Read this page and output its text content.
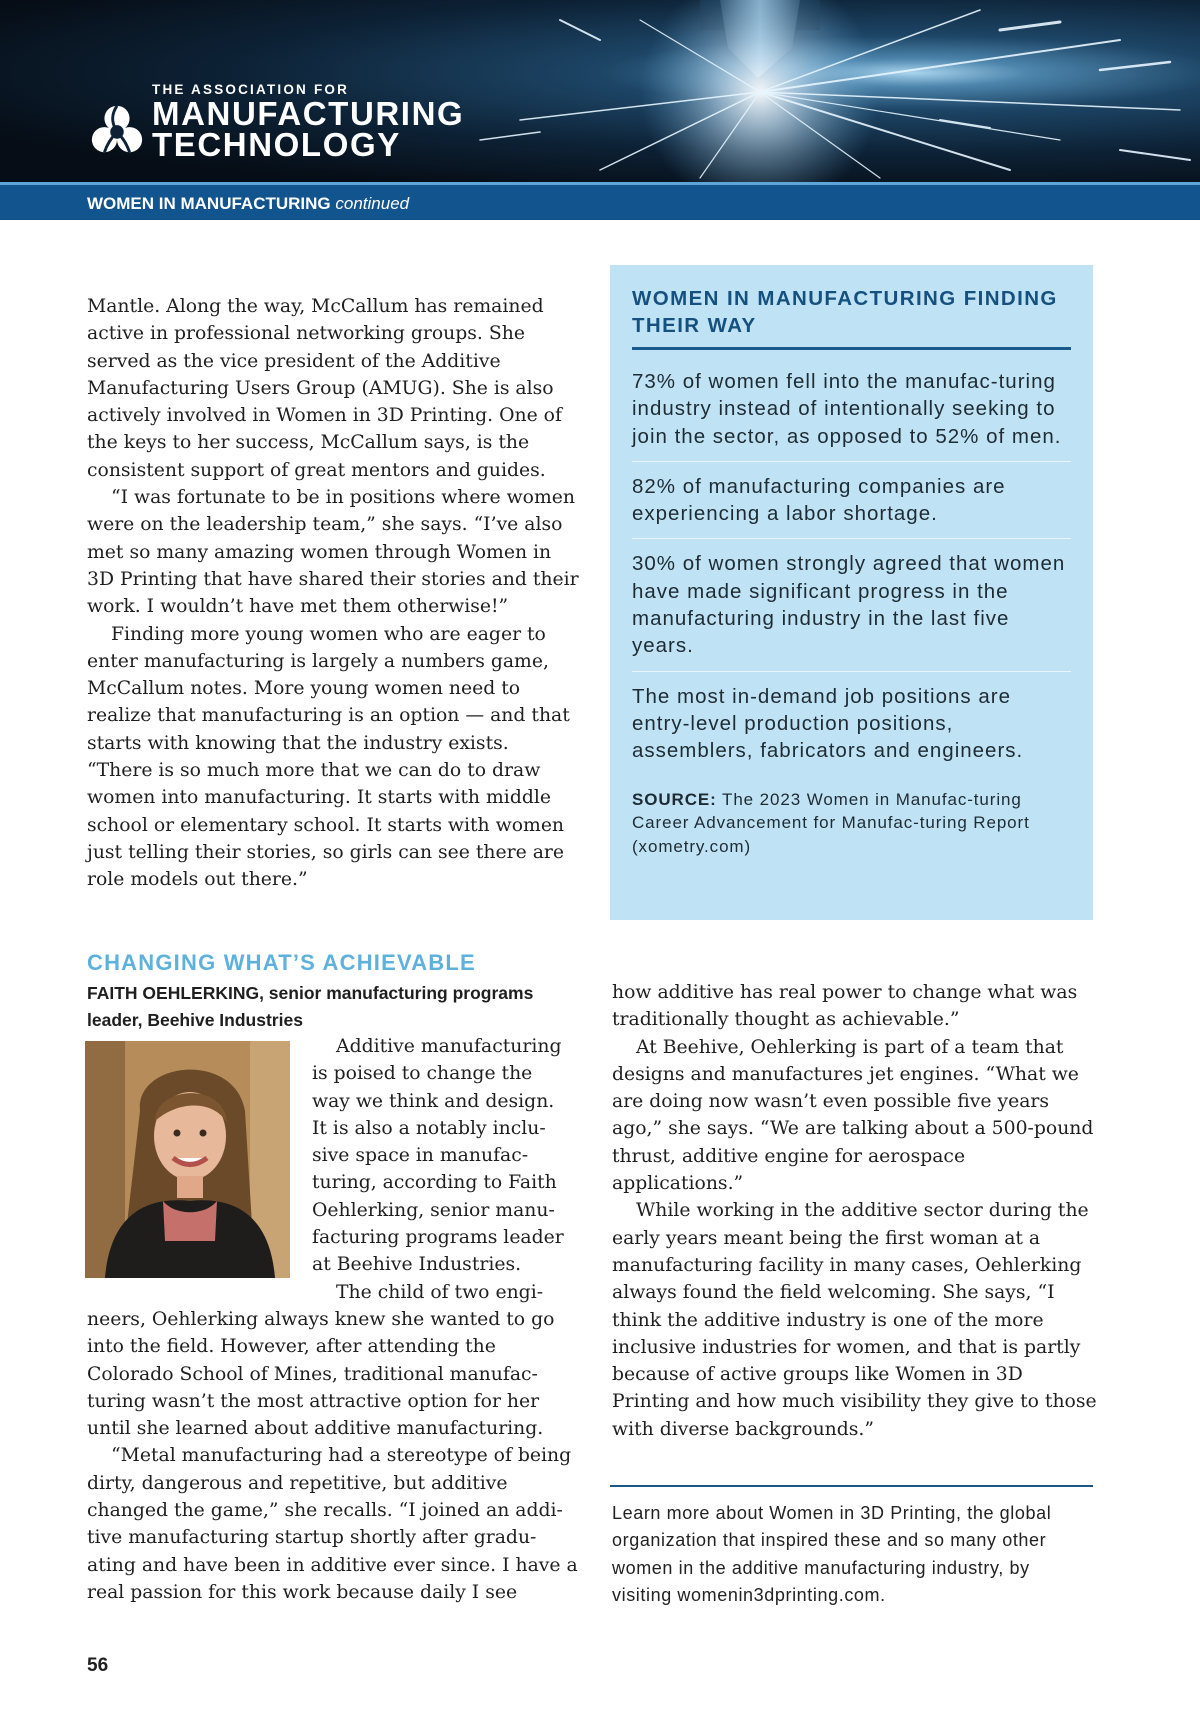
THE ASSOCIATION FOR
MANUFACTURING
TECHNOLOGY
WOMEN IN MANUFACTURING continued

Mantle. Along the way, McCallum has remained active in professional networking groups. She served as the vice president of the Additive Manufacturing Users Group (AMUG). She is also actively involved in Women in 3D Printing. One of the keys to her success, McCallum says, is the consistent support of great mentors and guides.

“I was fortunate to be in positions where women were on the leadership team,” she says. “I’ve also met so many amazing women through Women in 3D Printing that have shared their stories and their work. I wouldn’t have met them otherwise!”

Finding more young women who are eager to enter manufacturing is largely a numbers game, McCallum notes. More young women need to realize that manufacturing is an option — and that starts with knowing that the industry exists. “There is so much more that we can do to draw women into manufacturing. It starts with middle school or elementary school. It starts with women just telling their stories, so girls can see there are role models out there.”

WOMEN IN MANUFACTURING FINDING THEIR WAY
73% of women fell into the manufac-turing industry instead of intentionally seeking to join the sector, as opposed to 52% of men.
82% of manufacturing companies are experiencing a labor shortage.
30% of women strongly agreed that women have made significant progress in the manufacturing industry in the last five years.
The most in-demand job positions are entry-level production positions, assemblers, fabricators and engineers.
SOURCE: The 2023 Women in Manufac-turing Career Advancement for Manufac-turing Report (xometry.com)
CHANGING WHAT’S ACHIEVABLE
FAITH OEHLERKING, senior manufacturing programs leader, Beehive Industries

Additive manufacturing is poised to change the way we think and design. It is also a notably inclu-sive space in manufac-turing, according to Faith Oehlerking, senior manu-facturing programs leader at Beehive Industries.

The child of two engi-

neers, Oehlerking always knew she wanted to go into the field. However, after attending the Colorado School of Mines, traditional manufac-turing wasn’t the most attractive option for her until she learned about additive manufacturing.

“Metal manufacturing had a stereotype of being dirty, dangerous and repetitive, but additive changed the game,” she recalls. “I joined an addi-tive manufacturing startup shortly after gradu-ating and have been in additive ever since. I have a real passion for this work because daily I see

how additive has real power to change what was traditionally thought as achievable.”

At Beehive, Oehlerking is part of a team that designs and manufactures jet engines. “What we are doing now wasn’t even possible five years ago,” she says. “We are talking about a 500-pound thrust, additive engine for aerospace applications.”

While working in the additive sector during the early years meant being the first woman at a manufacturing facility in many cases, Oehlerking always found the field welcoming. She says, “I think the additive industry is one of the more inclusive industries for women, and that is partly because of active groups like Women in 3D Printing and how much visibility they give to those with diverse backgrounds.”

Learn more about Women in 3D Printing, the global organization that inspired these and so many other women in the additive manufacturing industry, by visiting womenin3dprinting.com.
56
